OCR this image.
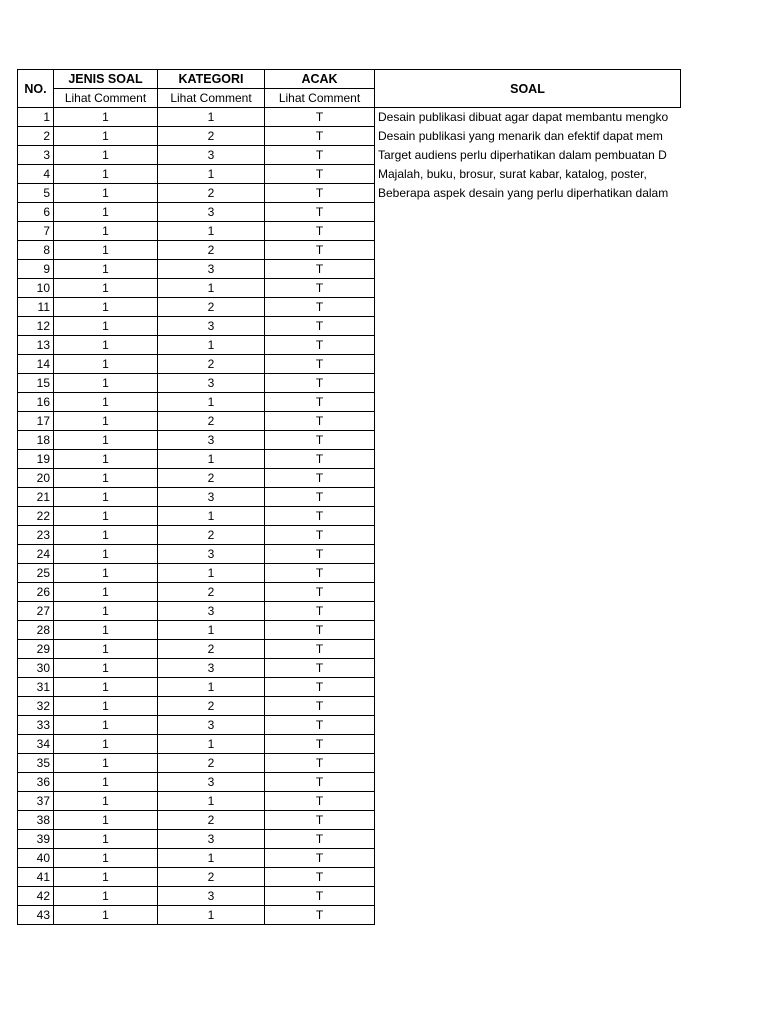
NO.	JENIS SOAL	KATEGORI	ACAK	SOAL
	Lihat Comment	Lihat Comment	Lihat Comment	
1	1	1	T	Desain publikasi dibuat agar dapat membantu mengko
2	1	2	T	Desain publikasi yang menarik dan efektif dapat mem
3	1	3	T	Target audiens perlu diperhatikan dalam pembuatan D
4	1	1	T	Majalah, buku, brosur, surat kabar, katalog, poster,
5	1	2	T	Beberapa aspek desain yang perlu diperhatikan dalam
6	1	3	T	
7	1	1	T	
8	1	2	T	
9	1	3	T	
10	1	1	T	
11	1	2	T	
12	1	3	T	
13	1	1	T	
14	1	2	T	
15	1	3	T	
16	1	1	T	
17	1	2	T	
18	1	3	T	
19	1	1	T	
20	1	2	T	
21	1	3	T	
22	1	1	T	
23	1	2	T	
24	1	3	T	
25	1	1	T	
26	1	2	T	
27	1	3	T	
28	1	1	T	
29	1	2	T	
30	1	3	T	
31	1	1	T	
32	1	2	T	
33	1	3	T	
34	1	1	T	
35	1	2	T	
36	1	3	T	
37	1	1	T	
38	1	2	T	
39	1	3	T	
40	1	1	T	
41	1	2	T	
42	1	3	T	
43	1	1	T	
